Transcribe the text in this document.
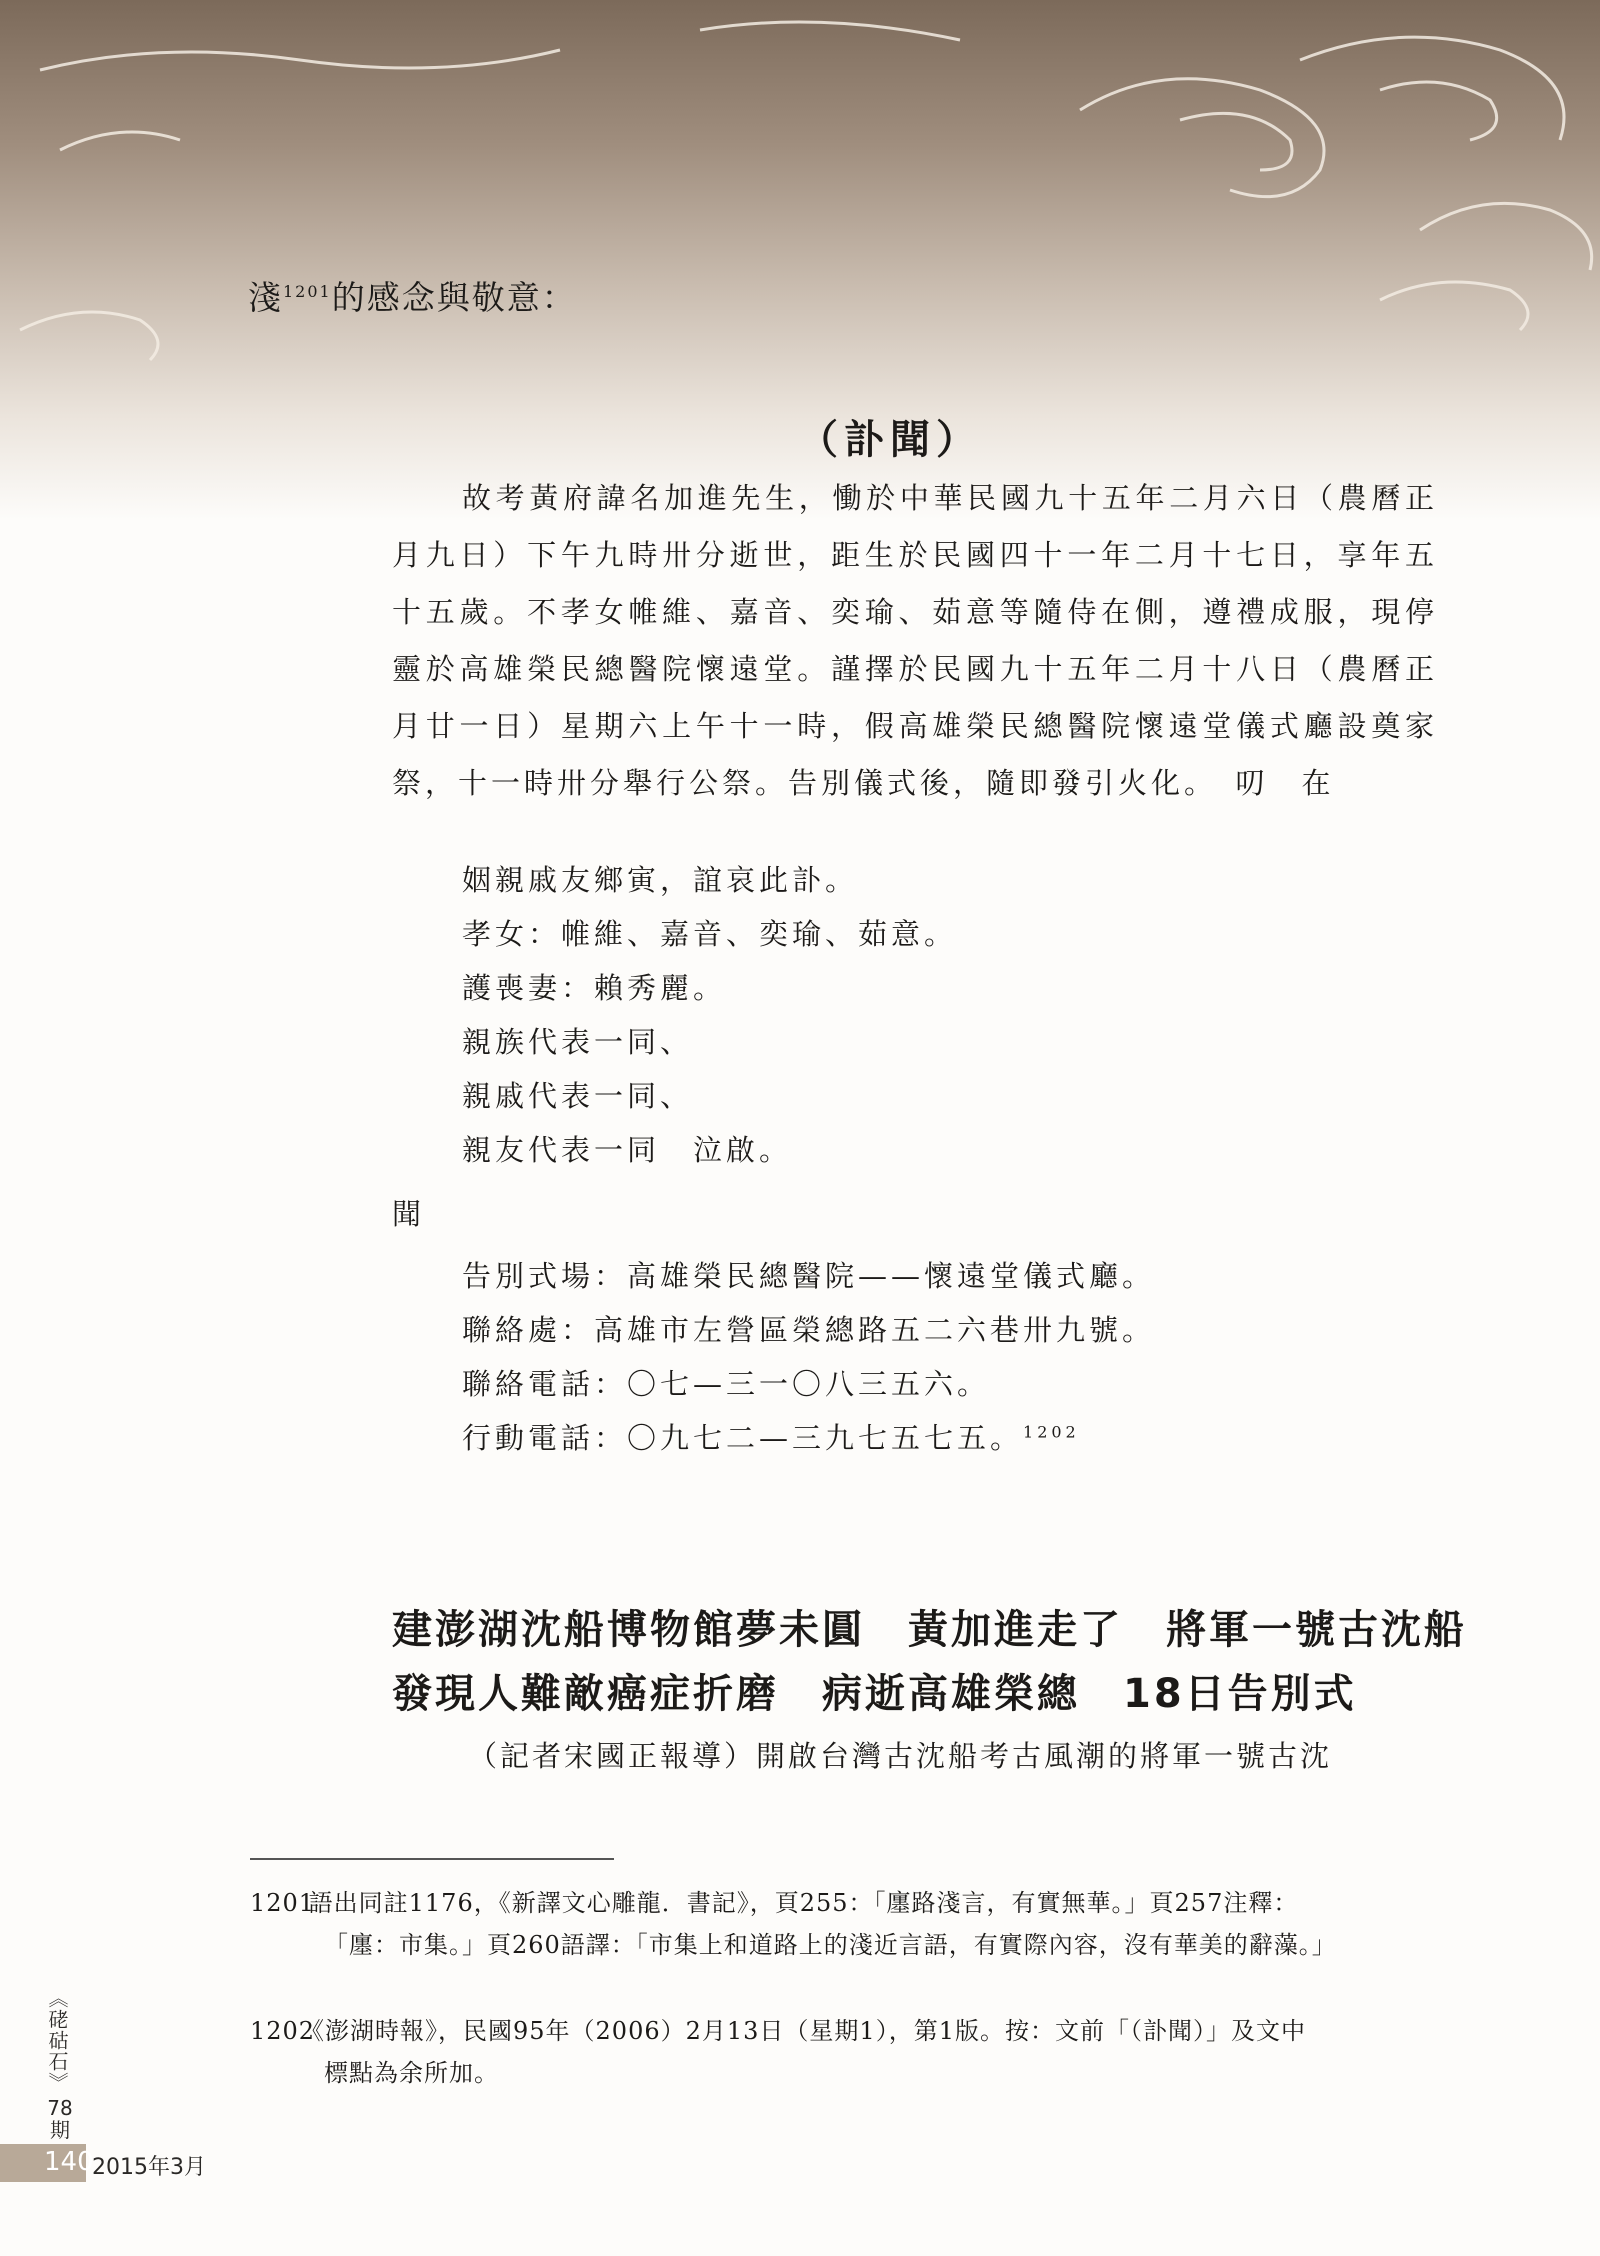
淺$^{1201}$的感念與敬意：
（訃聞）

故考黃府諱名加進先生，慟於中華民國九十五年二月六日（農曆正月九日）下午九時卅分逝世，距生於民國四十一年二月十七日，享年五十五歲。不孝女帷維、嘉音、奕瑜、茹意等隨侍在側，遵禮成服，現停靈於高雄榮民總醫院懷遠堂。謹擇於民國九十五年二月十八日（農曆正月廿一日）星期六上午十一時，假高雄榮民總醫院懷遠堂儀式廳設奠家祭，十一時卅分舉行公祭。告別儀式後，隨即發引火化。　叨　在

姻親戚友鄉寅，誼哀此訃。
孝女：帷維、嘉音、奕瑜、茹意。
護喪妻：賴秀麗。
親族代表一同、
親戚代表一同、
親友代表一同　泣啟。
聞
告別式場：高雄榮民總醫院——懷遠堂儀式廳。
聯絡處：高雄市左營區榮總路五二六巷卅九號。
聯絡電話：〇七—三一〇八三五六。
行動電話：〇九七二—三九七五七五。$^{1202}$
建澎湖沈船博物館夢未圓　黃加進走了　將軍一號古沈船
發現人難敵癌症折磨　病逝高雄榮總　18日告別式
（記者宋國正報導）開啟台灣古沈船考古風潮的將軍一號古沈
1201 語出同註1176，《新譯文心雕龍．書記》，頁255：「廛路淺言，有實無華。」頁257注釋：
「廛：市集。」頁260語譯：「市集上和道路上的淺近言語，有實際內容，沒有華美的辭藻。」
1202《澎湖時報》，民國95年（2006）2月13日（星期1），第1版。按：文前「（訃聞）」及文中
標點為余所加。
《硓𥑮石》
78
期
140
2015年3月
